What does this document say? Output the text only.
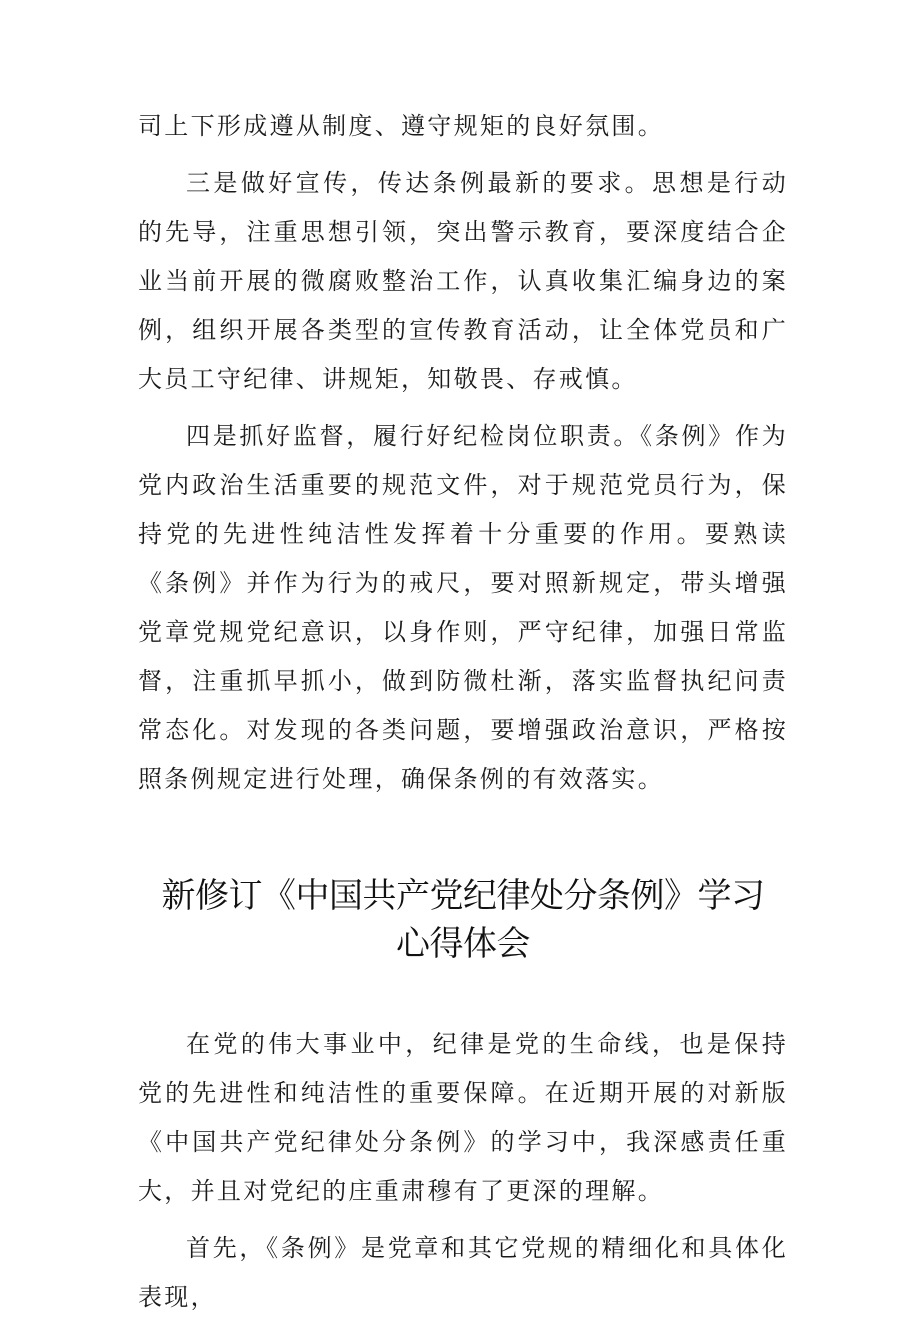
司上下形成遵从制度、遵守规矩的良好氛围。

三是做好宣传，传达条例最新的要求。思想是行动的先导，注重思想引领，突出警示教育，要深度结合企业当前开展的微腐败整治工作，认真收集汇编身边的案例，组织开展各类型的宣传教育活动，让全体党员和广大员工守纪律、讲规矩，知敬畏、存戒慎。

四是抓好监督，履行好纪检岗位职责。《条例》作为党内政治生活重要的规范文件，对于规范党员行为，保持党的先进性纯洁性发挥着十分重要的作用。要熟读《条例》并作为行为的戒尺，要对照新规定，带头增强党章党规党纪意识，以身作则，严守纪律，加强日常监督，注重抓早抓小，做到防微杜渐，落实监督执纪问责常态化。对发现的各类问题，要增强政治意识，严格按照条例规定进行处理，确保条例的有效落实。

新修订《中国共产党纪律处分条例》学习
心得体会

在党的伟大事业中，纪律是党的生命线，也是保持党的先进性和纯洁性的重要保障。在近期开展的对新版《中国共产党纪律处分条例》的学习中，我深感责任重大，并且对党纪的庄重肃穆有了更深的理解。

首先，《条例》是党章和其它党规的精细化和具体化表现，
